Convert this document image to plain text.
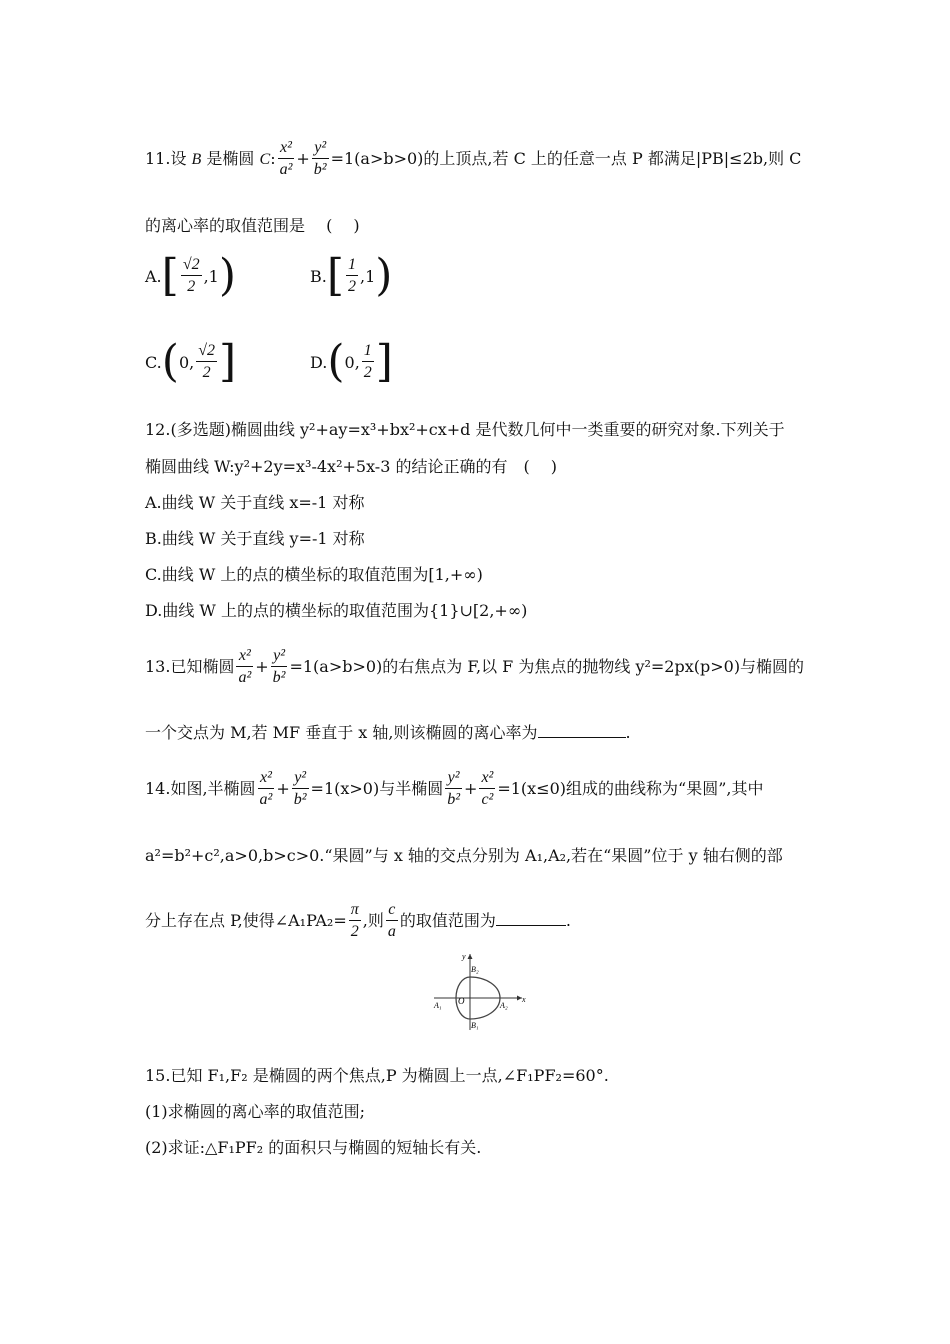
11.设 B 是椭圆 C: $\frac{\text{x²}}{\text{a²}} + \frac{\text{y²}}{\text{b²}} =1(a>b>0)$的上顶点,若 C 上的任意一点 P 都满足|PB|≤2b,则 C
的离心率的取值范围是　 (　 )
A. [ $\frac{√2}{2} ,1$ )	B. [ $\frac{1}{2} ,1$ )
C. ( 0, $\frac{√2}{2}$ ]	D. ( 0, $\frac{1}{2}$ ]
12.(多选题)椭圆曲线 y²+ay=x³+bx²+cx+d 是代数几何中一类重要的研究对象.下列关于
椭圆曲线 W:y²+2y=x³-4x²+5x-3 的结论正确的有　(　 )
A.曲线 W 关于直线 x=-1 对称
B.曲线 W 关于直线 y=-1 对称
C.曲线 W 上的点的横坐标的取值范围为[1,+∞)
D.曲线 W 上的点的横坐标的取值范围为{1}∪[2,+∞)
13.已知椭圆 $\frac{\text{x²}}{\text{a²}} + \frac{\text{y²}}{\text{b²}} =1(a>b>0)$的右焦点为 F,以 F 为焦点的抛物线 y²=2px(p>0)与椭圆的
一个交点为 M,若 MF 垂直于 x 轴,则该椭圆的离心率为	.
14.如图,半椭圆 $\frac{\text{x²}}{\text{a²}} + \frac{\text{y²}}{\text{b²}} =1(x>0)$与半椭圆 $\frac{\text{y²}}{\text{b²}} + \frac{\text{x²}}{\text{c²}} =1(x\le 0)$组成的曲线称为“果圆”,其中
a²=b²+c²,a>0,b>c>0.“果圆”与 x 轴的交点分别为 A₁,A₂,若在“果圆”位于 y 轴右侧的部
分上存在点 P,使得∠A₁PA₂= $\frac{\pi}{2}$ ,则 $\frac{c}{a}$ 的取值范围为	.
y
x
O
A₁	A₂
B₂
B₁
15.已知 F₁,F₂ 是椭圆的两个焦点,P 为椭圆上一点,∠F₁PF₂=60°.
(1)求椭圆的离心率的取值范围;
(2)求证:△F₁PF₂ 的面积只与椭圆的短轴长有关.
